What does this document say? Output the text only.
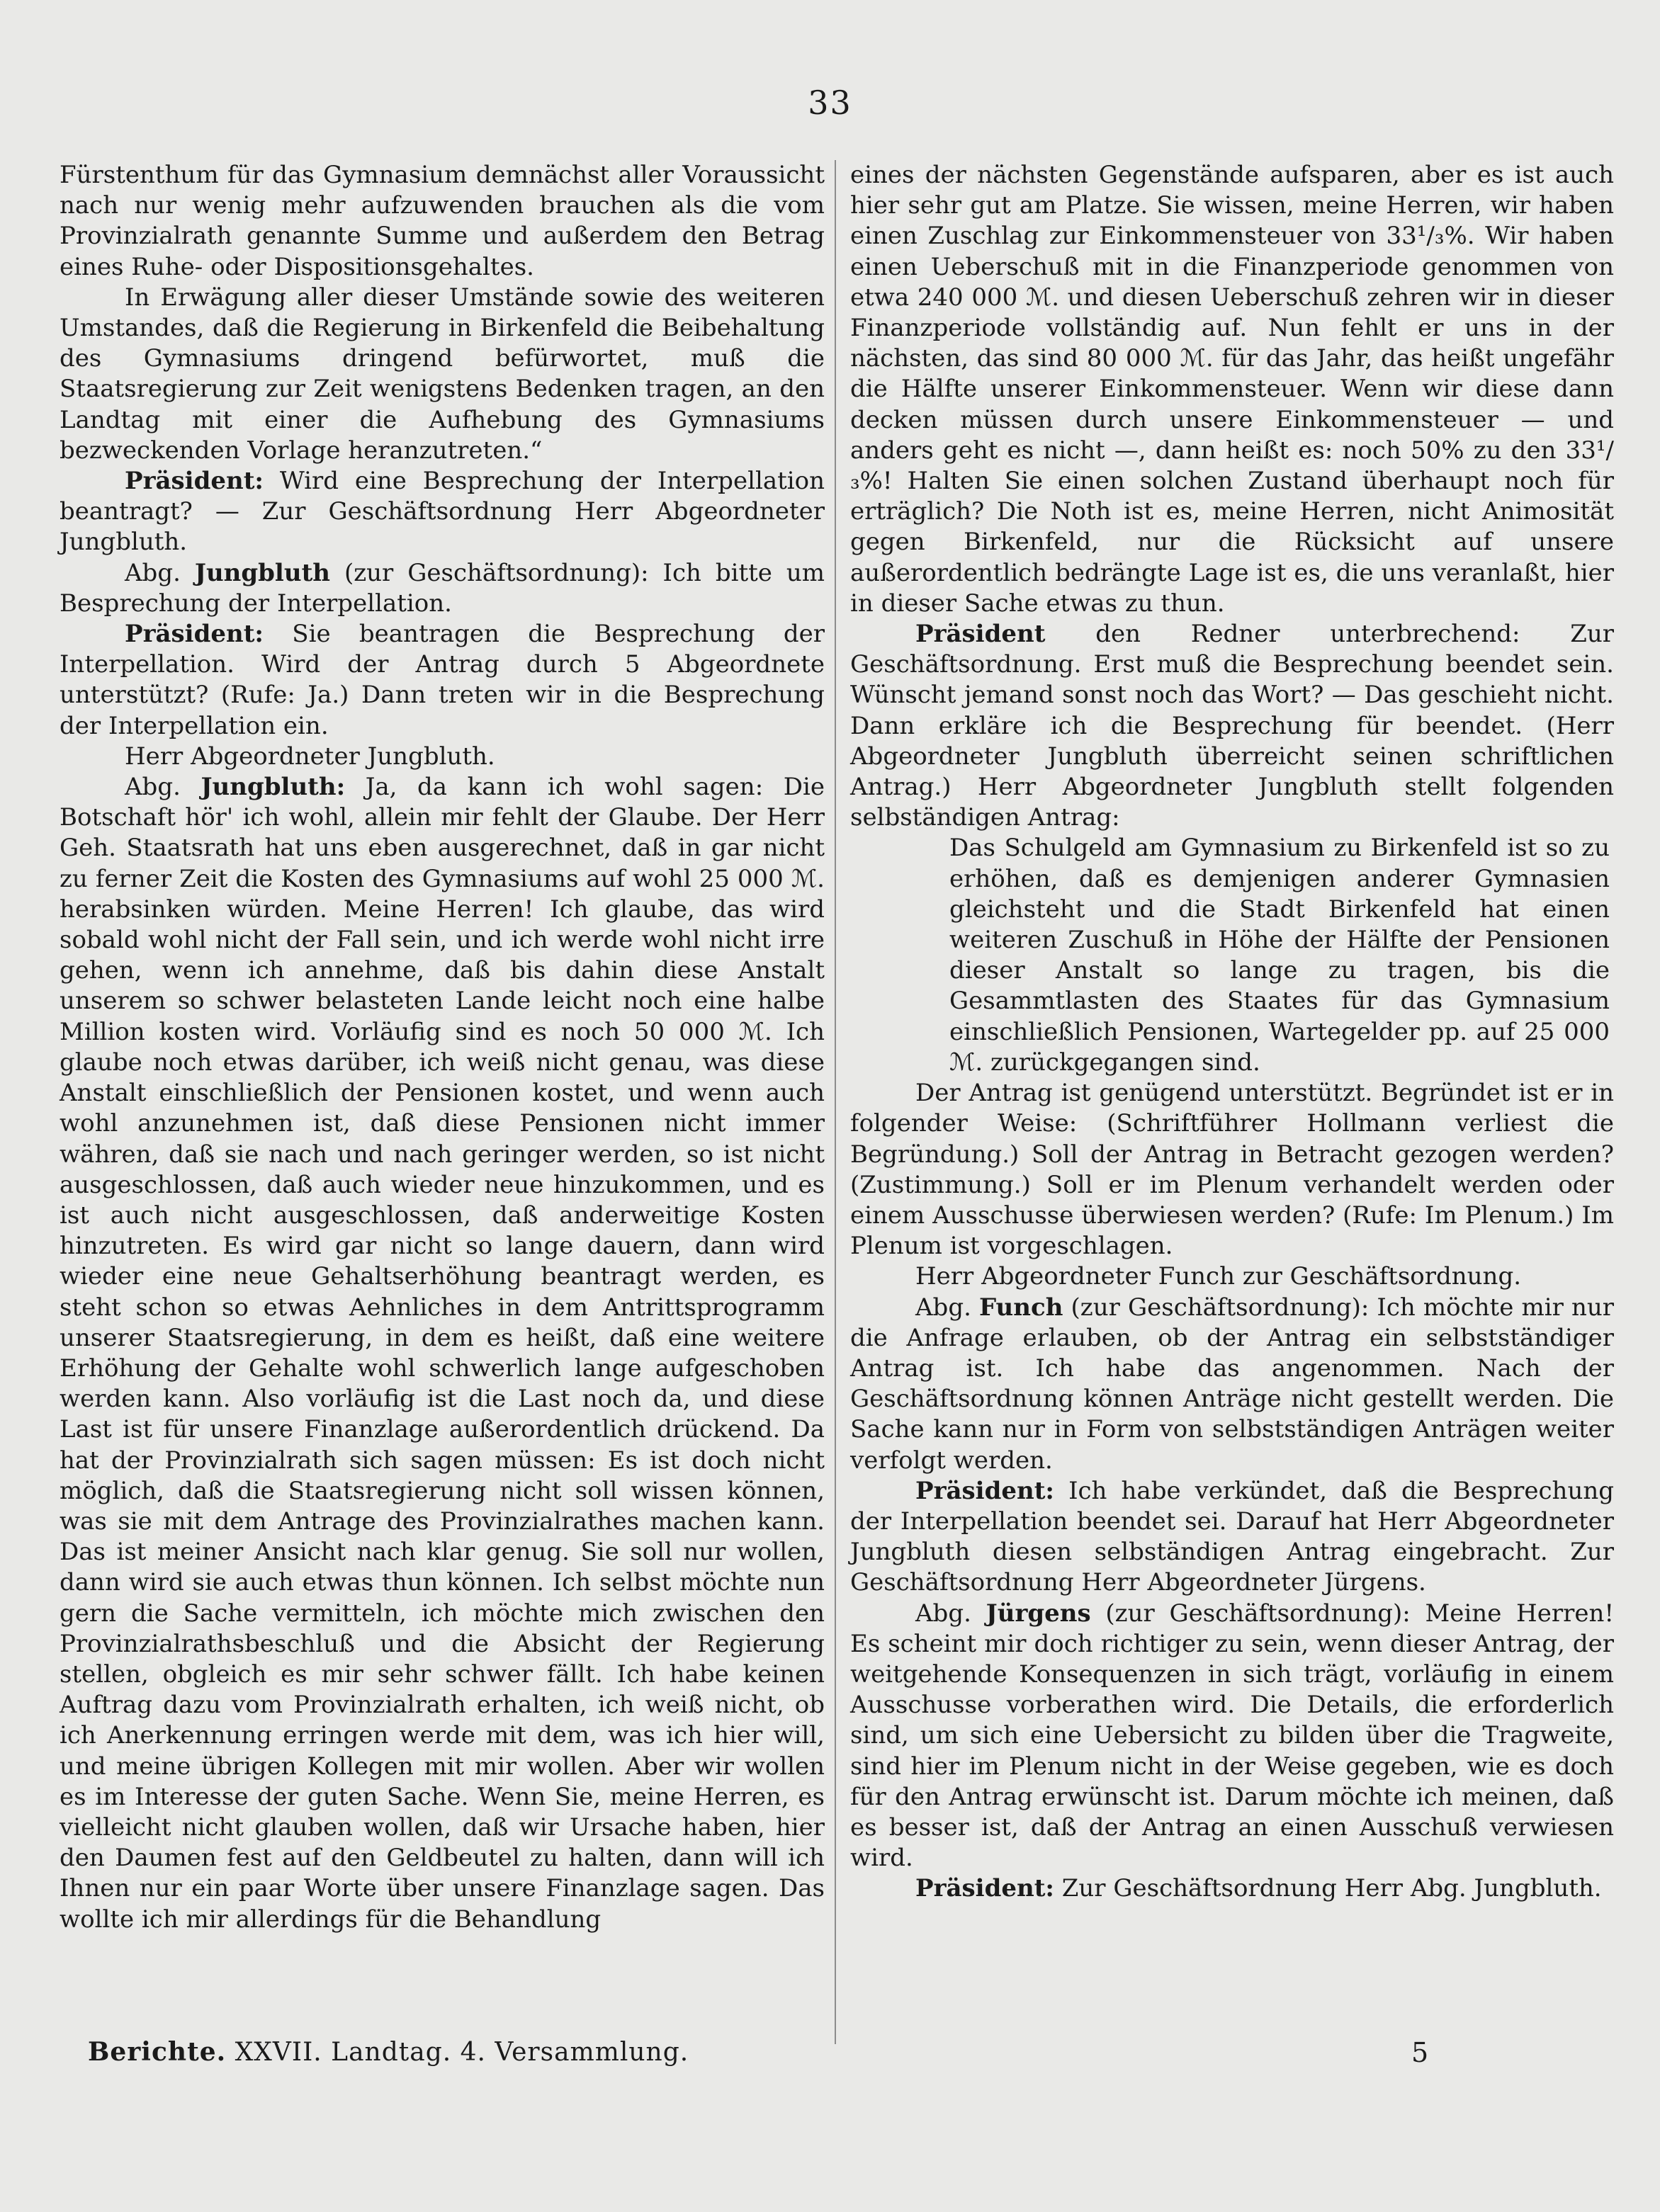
33

Fürstenthum für das Gymnasium demnächst aller Voraussicht nach nur wenig mehr aufzuwenden brauchen als die vom Provinzialrath genannte Summe und außerdem den Betrag eines Ruhe- oder Dispositionsgehaltes.

In Erwägung aller dieser Umstände sowie des weiteren Umstandes, daß die Regierung in Birkenfeld die Beibehaltung des Gymnasiums dringend befürwortet, muß die Staatsregierung zur Zeit wenigstens Bedenken tragen, an den Landtag mit einer die Aufhebung des Gymnasiums bezweckenden Vorlage heranzutreten.“

Präsident: Wird eine Besprechung der Interpellation beantragt? — Zur Geschäftsordnung Herr Abgeordneter Jungbluth.

Abg. Jungbluth (zur Geschäftsordnung): Ich bitte um Besprechung der Interpellation.

Präsident: Sie beantragen die Besprechung der Interpellation. Wird der Antrag durch 5 Abgeordnete unterstützt? (Rufe: Ja.) Dann treten wir in die Besprechung der Interpellation ein.

Herr Abgeordneter Jungbluth.

Abg. Jungbluth: Ja, da kann ich wohl sagen: Die Botschaft hör' ich wohl, allein mir fehlt der Glaube. Der Herr Geh. Staatsrath hat uns eben ausgerechnet, daß in gar nicht zu ferner Zeit die Kosten des Gymnasiums auf wohl 25 000 ℳ. herabsinken würden. Meine Herren! Ich glaube, das wird sobald wohl nicht der Fall sein, und ich werde wohl nicht irre gehen, wenn ich annehme, daß bis dahin diese Anstalt unserem so schwer belasteten Lande leicht noch eine halbe Million kosten wird. Vorläufig sind es noch 50 000 ℳ. Ich glaube noch etwas darüber, ich weiß nicht genau, was diese Anstalt einschließlich der Pensionen kostet, und wenn auch wohl anzunehmen ist, daß diese Pensionen nicht immer währen, daß sie nach und nach geringer werden, so ist nicht ausgeschlossen, daß auch wieder neue hinzukommen, und es ist auch nicht ausgeschlossen, daß anderweitige Kosten hinzutreten. Es wird gar nicht so lange dauern, dann wird wieder eine neue Gehaltserhöhung beantragt werden, es steht schon so etwas Aehnliches in dem Antrittsprogramm unserer Staatsregierung, in dem es heißt, daß eine weitere Erhöhung der Gehalte wohl schwerlich lange aufgeschoben werden kann. Also vorläufig ist die Last noch da, und diese Last ist für unsere Finanzlage außerordentlich drückend. Da hat der Provinzialrath sich sagen müssen: Es ist doch nicht möglich, daß die Staatsregierung nicht soll wissen können, was sie mit dem Antrage des Provinzialrathes machen kann. Das ist meiner Ansicht nach klar genug. Sie soll nur wollen, dann wird sie auch etwas thun können. Ich selbst möchte nun gern die Sache vermitteln, ich möchte mich zwischen den Provinzialrathsbeschluß und die Absicht der Regierung stellen, obgleich es mir sehr schwer fällt. Ich habe keinen Auftrag dazu vom Provinzialrath erhalten, ich weiß nicht, ob ich Anerkennung erringen werde mit dem, was ich hier will, und meine übrigen Kollegen mit mir wollen. Aber wir wollen es im Interesse der guten Sache. Wenn Sie, meine Herren, es vielleicht nicht glauben wollen, daß wir Ursache haben, hier den Daumen fest auf den Geldbeutel zu halten, dann will ich Ihnen nur ein paar Worte über unsere Finanzlage sagen. Das wollte ich mir allerdings für die Behandlung

eines der nächsten Gegenstände aufsparen, aber es ist auch hier sehr gut am Platze. Sie wissen, meine Herren, wir haben einen Zuschlag zur Einkommensteuer von 33¹/₃%. Wir haben einen Ueberschuß mit in die Finanzperiode genommen von etwa 240 000 ℳ. und diesen Ueberschuß zehren wir in dieser Finanzperiode vollständig auf. Nun fehlt er uns in der nächsten, das sind 80 000 ℳ. für das Jahr, das heißt ungefähr die Hälfte unserer Einkommensteuer. Wenn wir diese dann decken müssen durch unsere Einkommensteuer — und anders geht es nicht —, dann heißt es: noch 50% zu den 33¹/₃%! Halten Sie einen solchen Zustand überhaupt noch für erträglich? Die Noth ist es, meine Herren, nicht Animosität gegen Birkenfeld, nur die Rücksicht auf unsere außerordentlich bedrängte Lage ist es, die uns veranlaßt, hier in dieser Sache etwas zu thun.

Präsident den Redner unterbrechend: Zur Geschäftsordnung. Erst muß die Besprechung beendet sein. Wünscht jemand sonst noch das Wort? — Das geschieht nicht. Dann erkläre ich die Besprechung für beendet. (Herr Abgeordneter Jungbluth überreicht seinen schriftlichen Antrag.) Herr Abgeordneter Jungbluth stellt folgenden selbständigen Antrag:

Das Schulgeld am Gymnasium zu Birkenfeld ist so zu erhöhen, daß es demjenigen anderer Gymnasien gleichsteht und die Stadt Birkenfeld hat einen weiteren Zuschuß in Höhe der Hälfte der Pensionen dieser Anstalt so lange zu tragen, bis die Gesammtlasten des Staates für das Gymnasium einschließlich Pensionen, Wartegelder pp. auf 25 000 ℳ. zurückgegangen sind.

Der Antrag ist genügend unterstützt. Begründet ist er in folgender Weise: (Schriftführer Hollmann verliest die Begründung.) Soll der Antrag in Betracht gezogen werden? (Zustimmung.) Soll er im Plenum verhandelt werden oder einem Ausschusse überwiesen werden? (Rufe: Im Plenum.) Im Plenum ist vorgeschlagen.

Herr Abgeordneter Funch zur Geschäftsordnung.

Abg. Funch (zur Geschäftsordnung): Ich möchte mir nur die Anfrage erlauben, ob der Antrag ein selbstständiger Antrag ist. Ich habe das angenommen. Nach der Geschäftsordnung können Anträge nicht gestellt werden. Die Sache kann nur in Form von selbstständigen Anträgen weiter verfolgt werden.

Präsident: Ich habe verkündet, daß die Besprechung der Interpellation beendet sei. Darauf hat Herr Abgeordneter Jungbluth diesen selbständigen Antrag eingebracht. Zur Geschäftsordnung Herr Abgeordneter Jürgens.

Abg. Jürgens (zur Geschäftsordnung): Meine Herren! Es scheint mir doch richtiger zu sein, wenn dieser Antrag, der weitgehende Konsequenzen in sich trägt, vorläufig in einem Ausschusse vorberathen wird. Die Details, die erforderlich sind, um sich eine Uebersicht zu bilden über die Tragweite, sind hier im Plenum nicht in der Weise gegeben, wie es doch für den Antrag erwünscht ist. Darum möchte ich meinen, daß es besser ist, daß der Antrag an einen Ausschuß verwiesen wird.

Präsident: Zur Geschäftsordnung Herr Abg. Jungbluth.

Berichte. XXVII. Landtag. 4. Versammlung.	5
